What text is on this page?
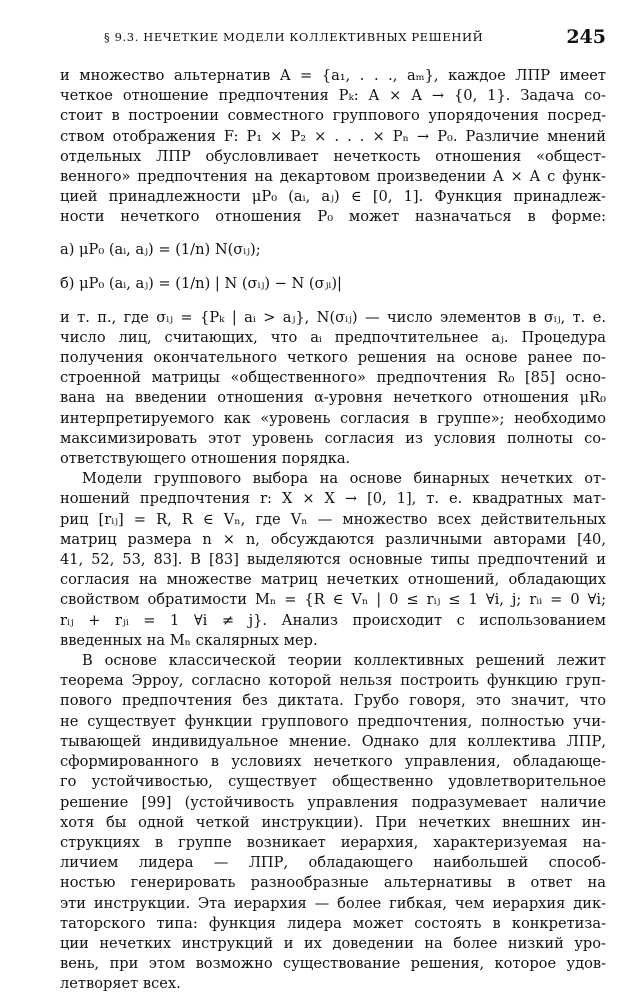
§ 9.3. НЕЧЕТКИЕ МОДЕЛИ КОЛЛЕКТИВНЫХ РЕШЕНИЙ	245
и множество альтернатив A = {a₁, . . ., aₘ}, каждое ЛПР имеет
четкое отношение предпочтения Pₖ: A × A → {0, 1}. Задача со-
стоит в построении совместного группового упорядочения посред-
ством отображения F: P₁ × P₂ × . . . × Pₙ → P₀. Различие мнений
отдельных ЛПР обусловливает нечеткость отношения «общест-
венного» предпочтения на декартовом произведении A × A с функ-
цией принадлежности μP₀ (aᵢ, aⱼ) ∈ [0, 1]. Функция принадлеж-
ности нечеткого отношения P₀ может назначаться в форме:
а) μP₀ (aᵢ, aⱼ) = (1/n) N(σᵢⱼ);
б) μP₀ (aᵢ, aⱼ) = (1/n) | N (σᵢⱼ) − N (σⱼᵢ)|
и т. п., где σᵢⱼ = {Pₖ | aᵢ > aⱼ}, N(σᵢⱼ) — число элементов в σᵢⱼ, т. е.
число лиц, считающих, что aᵢ предпочтительнее aⱼ. Процедура
получения окончательного четкого решения на основе ранее по-
строенной матрицы «общественного» предпочтения R₀ [85] осно-
вана на введении отношения α-уровня нечеткого отношения μR₀
интерпретируемого как «уровень согласия в группе»; необходимо
максимизировать этот уровень согласия из условия полноты со-
ответствующего отношения порядка.
Модели группового выбора на основе бинарных нечетких от-
ношений предпочтения r: X × X → [0, 1], т. е. квадратных мат-
риц [rᵢⱼ] = R, R ∈ Vₙ, где Vₙ — множество всех действительных
матриц размера n × n, обсуждаются различными авторами [40,
41, 52, 53, 83]. В [83] выделяются основные типы предпочтений и
согласия на множестве матриц нечетких отношений, обладающих
свойством обратимости Mₙ = {R ∈ Vₙ | 0 ≤ rᵢⱼ ≤ 1 ∀i, j; rᵢᵢ = 0 ∀i;
rᵢⱼ + rⱼᵢ = 1 ∀i ≠ j}. Анализ происходит с использованием
введенных на Mₙ скалярных мер.
В основе классической теории коллективных решений лежит
теорема Эрроу, согласно которой нельзя построить функцию груп-
пового предпочтения без диктата. Грубо говоря, это значит, что
не существует функции группового предпочтения, полностью учи-
тывающей индивидуальное мнение. Однако для коллектива ЛПР,
сформированного в условиях нечеткого управления, обладающе-
го устойчивостью, существует общественно удовлетворительное
решение [99] (устойчивость управления подразумевает наличие
хотя бы одной четкой инструкции). При нечетких внешних ин-
струкциях в группе возникает иерархия, характеризуемая на-
личием лидера — ЛПР, обладающего наибольшей способ-
ностью генерировать разнообразные альтернативы в ответ на
эти инструкции. Эта иерархия — более гибкая, чем иерархия дик-
таторского типа: функция лидера может состоять в конкретиза-
ции нечетких инструкций и их доведении на более низкий уро-
вень, при этом возможно существование решения, которое удов-
летворяет всех.
